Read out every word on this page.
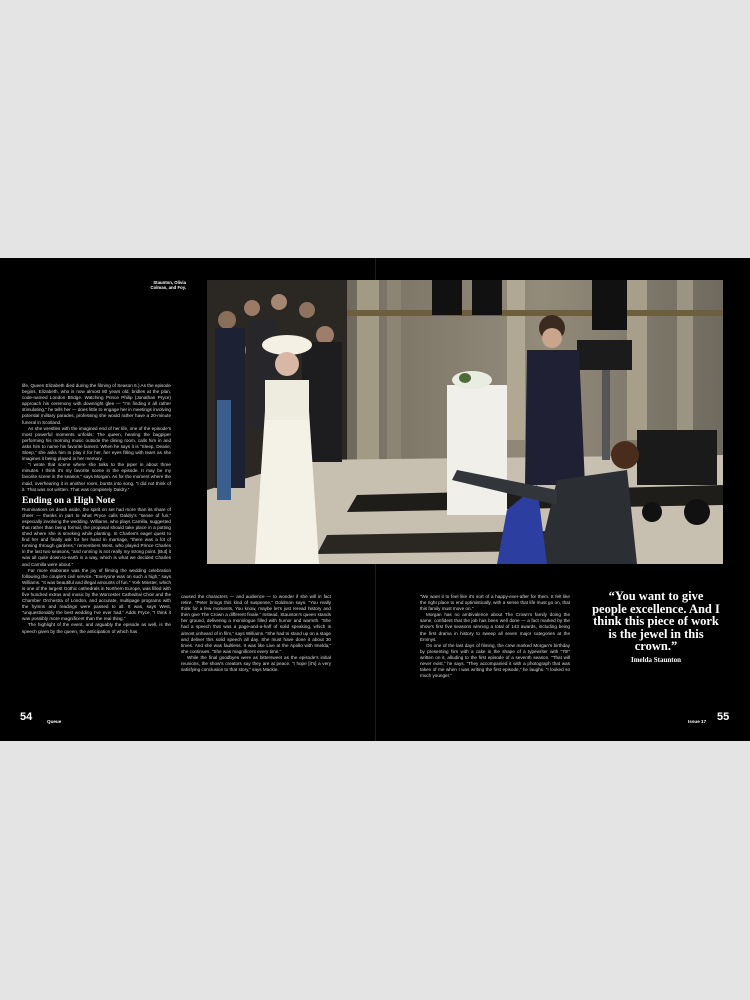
Staunton, Olivia Colman, and Foy.

life, Queen Elizabeth died during the filming of Season 6.) As the episode begins, Elizabeth, who is now almost 80 years old, bridles at the plan, code-named London Bridge. Watching Prince Philip (Jonathan Pryce) approach his ceremony with downright glee — “I’m finding it all rather stimulating,” he tells her — does little to engage her in meetings involving potential military parades, professing she would rather have a 20-minute funeral in Scotland.

As she wrestles with the imagined end of her life, one of the episode’s most powerful moments unfolds: The queen, hearing the bagpiper performing his morning music outside the dining room, calls him in and asks him to name his favorite lament. When he says it is “Sleep, Dearie, Sleep,” she asks him to play it for her, her eyes filling with tears as she imagines it being played in her memory.

“I wrote that scene where she talks to the piper in about three minutes. I think it’s my favorite scene in the episode. It may be my favorite scene in the season,” says Morgan. As for the moment where the maid, overhearing it in another room, bursts into song, “I did not think of it. That was not written. That was completely Daldry.”

Ending on a High Note

Ruminations on death aside, the spirit on set had more than its share of cheer — thanks in part to what Pryce calls Daldry’s “sense of fun,” especially involving the wedding. Williams, who plays Camilla, suggested that rather than being formal, the proposal should take place in a potting shed where she is smoking while planting. In Charles’s eager quest to find her and finally ask for her hand in marriage, “there was a lot of running through gardens,” remembers West, who played Prince Charles in the last two seasons, “and running is not really my strong point. [But] it was all quite down-to-earth in a way, which is what we decided Charles and Camilla were about.”

Far more elaborate was the joy of filming the wedding celebration following the couple’s civil service. “Everyone was on such a high,” says Williams. “It was beautiful and illegal amounts of fun.” York Minster, which is one of the largest Gothic cathedrals in Northern Europe, was filled with five hundred extras and music by the Worcester Cathedral Choir and the Chamber Orchestra of London, and accurate, multipage programs with the hymns and readings were passed to all. It was, says West, “unquestionably the best wedding I’ve ever had.” Adds Pryce, “I think it was possibly more magnificent than the real thing.”

The highlight of the event, and arguably the episode as well, is the speech given by the queen, the anticipation of which has

caused the characters — and audience — to wonder if she will in fact retire. “Peter brings this kind of suspense,” Goldman says. “You really think for a few moments, You know, maybe let’s just reread history and then give The Crown a different finale.” Instead, Staunton’s queen stands her ground, delivering a monologue filled with humor and warmth. “She had a speech that was a page-and-a-half of solid speaking, which is almost unheard of in film,” says Williams. “She had to stand up on a stage and deliver this solid speech all day. She must have done it about 30 times. And she was faultless. It was like Live at the Apollo with Imelda,” she continues. “She was magnificent every time.”

While the final goodbyes were as bittersweet as the episode’s initial reunions, the show’s creators say they are at peace. “I hope [it’s] a very satisfying conclusion to that story,” says Mackie.

“We want it to feel like it’s sort of a happy-ever-after for them. It felt like the right place to end optimistically, with a sense that life must go on, that this family must move on.”

Morgan has no ambivalence about The Crown’s family doing the same, confident that the job has been well done — a fact marked by the show’s first five seasons winning a total of 143 awards, including being the first drama in history to sweep all seven major categories at the Emmys.

On one of the last days of filming, the crew marked Morgan’s birthday by presenting him with a cake in the shape of a typewriter with “70!” written on it, alluding to the first episode of a seventh season. “That will never exist,” he says. “They accompanied it with a photograph that was taken of me when I was writing the first episode,” he laughs. “I looked so much younger.”

“You want to give people excellence. And I think this piece of work is the jewel in this crown.”
Imelda Staunton
54	Queue	Issue 17 55
